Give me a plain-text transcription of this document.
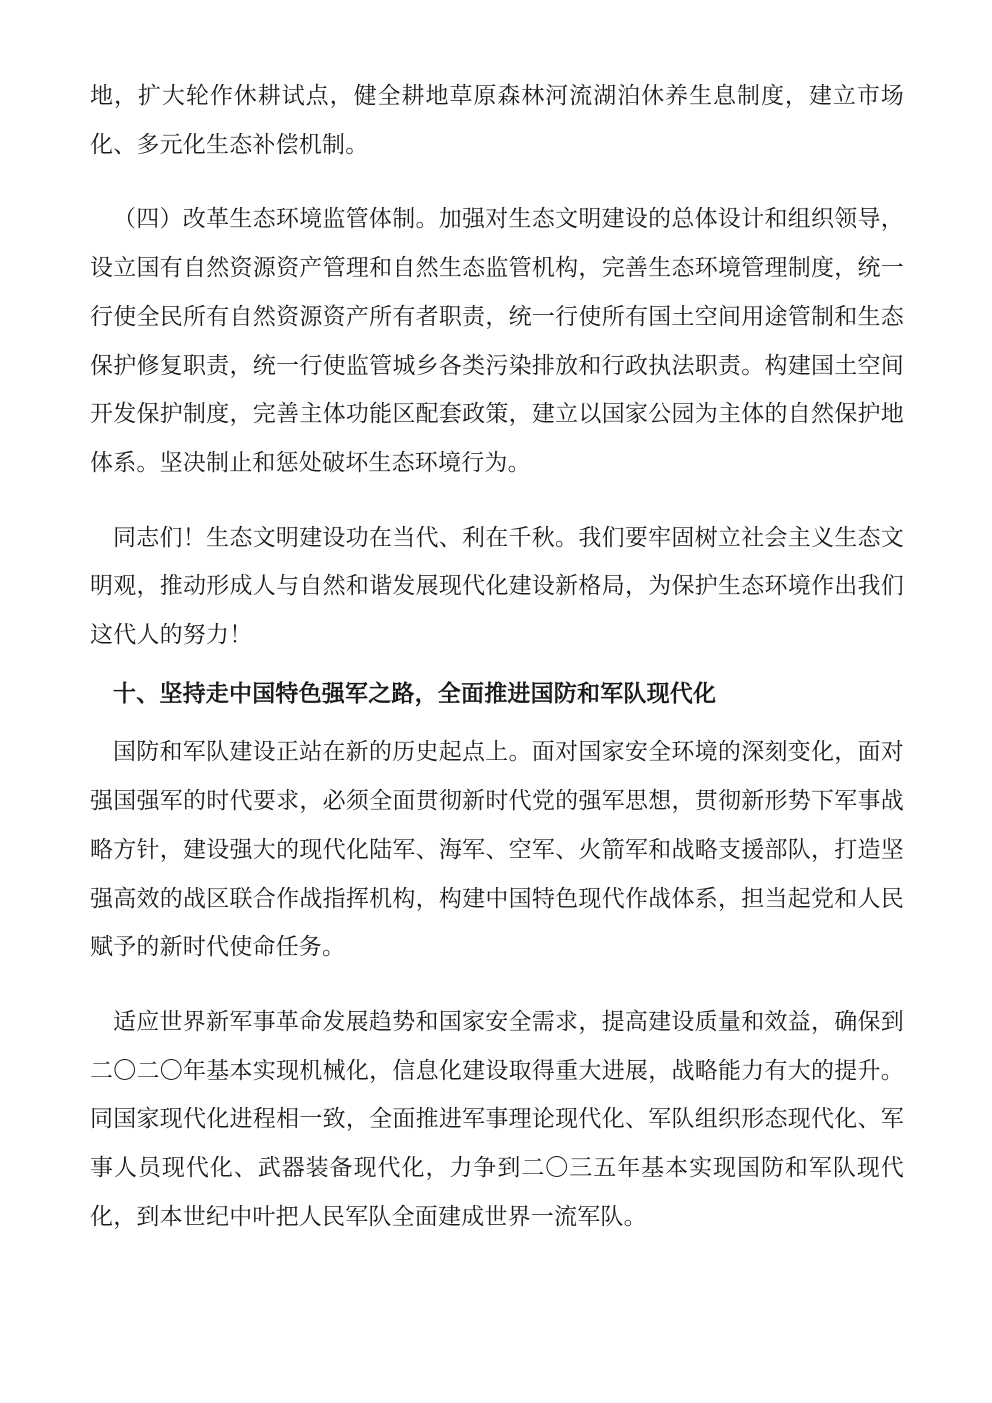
地，扩大轮作休耕试点，健全耕地草原森林河流湖泊休养生息制度，建立市场化、多元化生态补偿机制。

（四）改革生态环境监管体制。加强对生态文明建设的总体设计和组织领导，设立国有自然资源资产管理和自然生态监管机构，完善生态环境管理制度，统一行使全民所有自然资源资产所有者职责，统一行使所有国土空间用途管制和生态保护修复职责，统一行使监管城乡各类污染排放和行政执法职责。构建国土空间开发保护制度，完善主体功能区配套政策，建立以国家公园为主体的自然保护地体系。坚决制止和惩处破坏生态环境行为。

同志们！生态文明建设功在当代、利在千秋。我们要牢固树立社会主义生态文明观，推动形成人与自然和谐发展现代化建设新格局，为保护生态环境作出我们这代人的努力！

十、坚持走中国特色强军之路，全面推进国防和军队现代化

国防和军队建设正站在新的历史起点上。面对国家安全环境的深刻变化，面对强国强军的时代要求，必须全面贯彻新时代党的强军思想，贯彻新形势下军事战略方针，建设强大的现代化陆军、海军、空军、火箭军和战略支援部队，打造坚强高效的战区联合作战指挥机构，构建中国特色现代作战体系，担当起党和人民赋予的新时代使命任务。

适应世界新军事革命发展趋势和国家安全需求，提高建设质量和效益，确保到二〇二〇年基本实现机械化，信息化建设取得重大进展，战略能力有大的提升。同国家现代化进程相一致，全面推进军事理论现代化、军队组织形态现代化、军事人员现代化、武器装备现代化，力争到二〇三五年基本实现国防和军队现代化，到本世纪中叶把人民军队全面建成世界一流军队。
